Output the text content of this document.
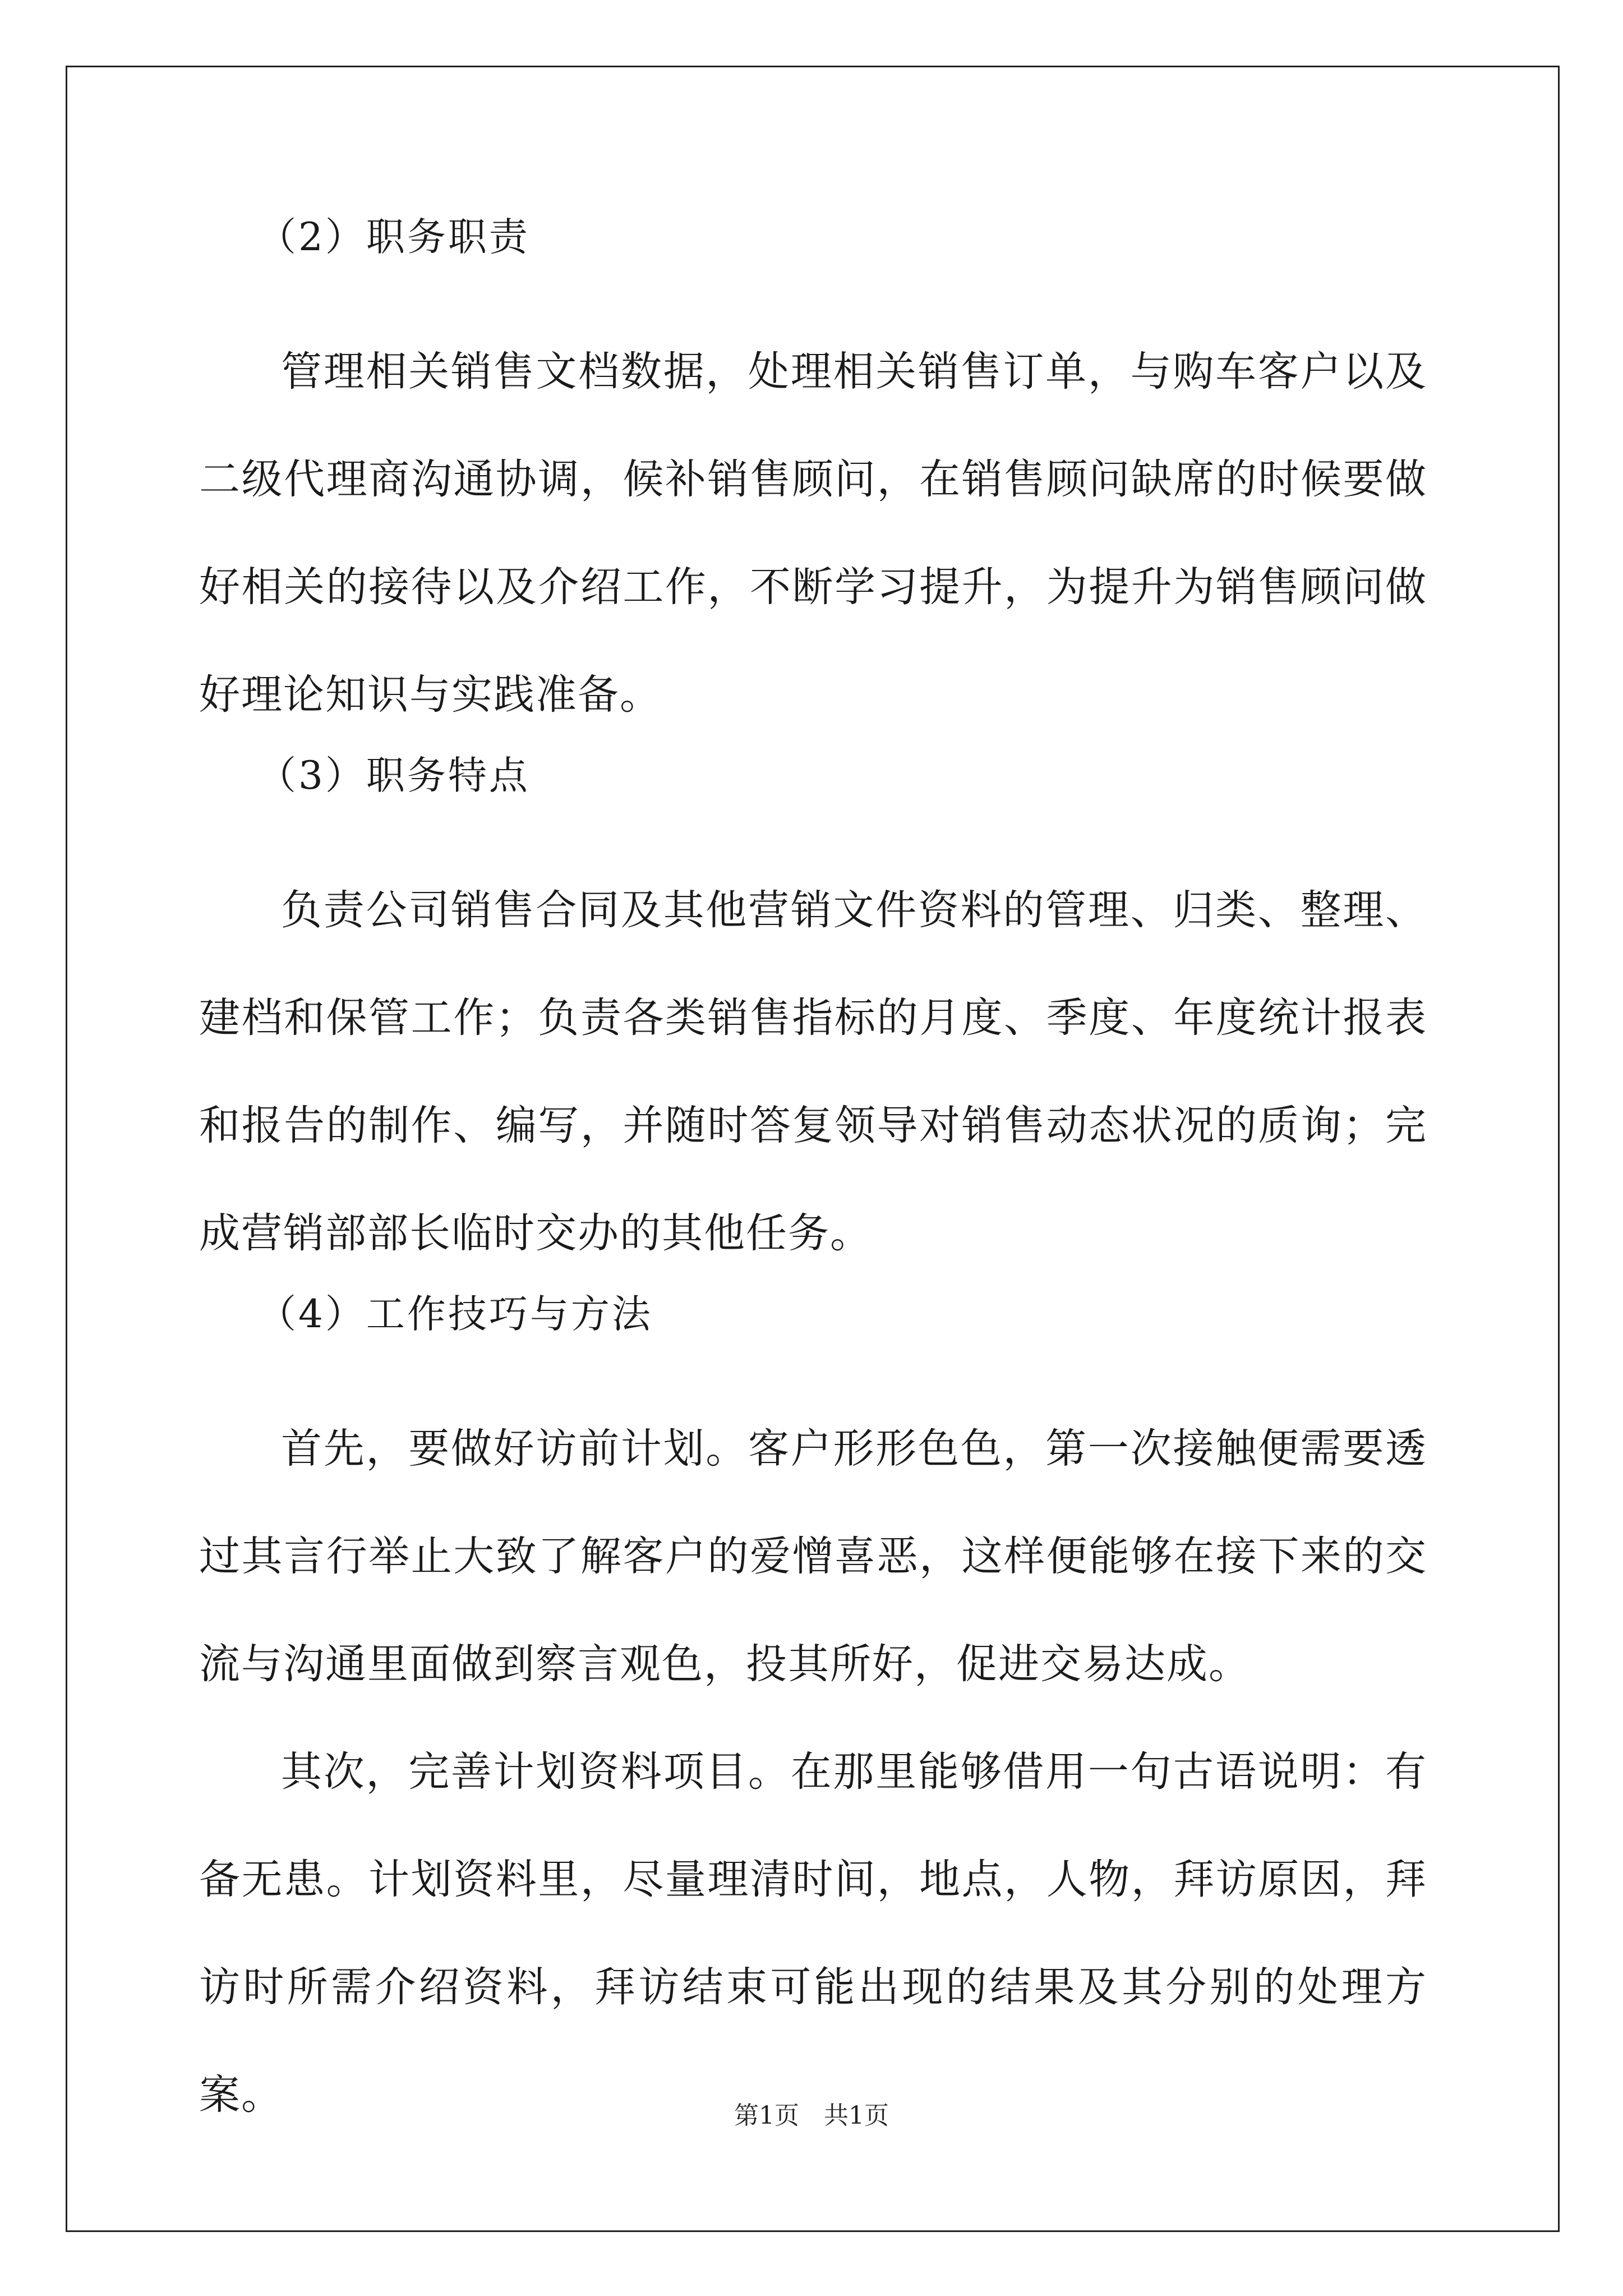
（2）职务职责

管理相关销售文档数据，处理相关销售订单，与购车客户以及二级代理商沟通协调，候补销售顾问，在销售顾问缺席的时候要做好相关的接待以及介绍工作，不断学习提升，为提升为销售顾问做好理论知识与实践准备。

（3）职务特点

负责公司销售合同及其他营销文件资料的管理、归类、整理、建档和保管工作；负责各类销售指标的月度、季度、年度统计报表和报告的制作、编写，并随时答复领导对销售动态状况的质询；完成营销部部长临时交办的其他任务。

（4）工作技巧与方法

首先，要做好访前计划。客户形形色色，第一次接触便需要透过其言行举止大致了解客户的爱憎喜恶，这样便能够在接下来的交流与沟通里面做到察言观色，投其所好，促进交易达成。

其次，完善计划资料项目。在那里能够借用一句古语说明：有备无患。计划资料里，尽量理清时间，地点，人物，拜访原因，拜访时所需介绍资料，拜访结束可能出现的结果及其分别的处理方案。	第1页　共1页
